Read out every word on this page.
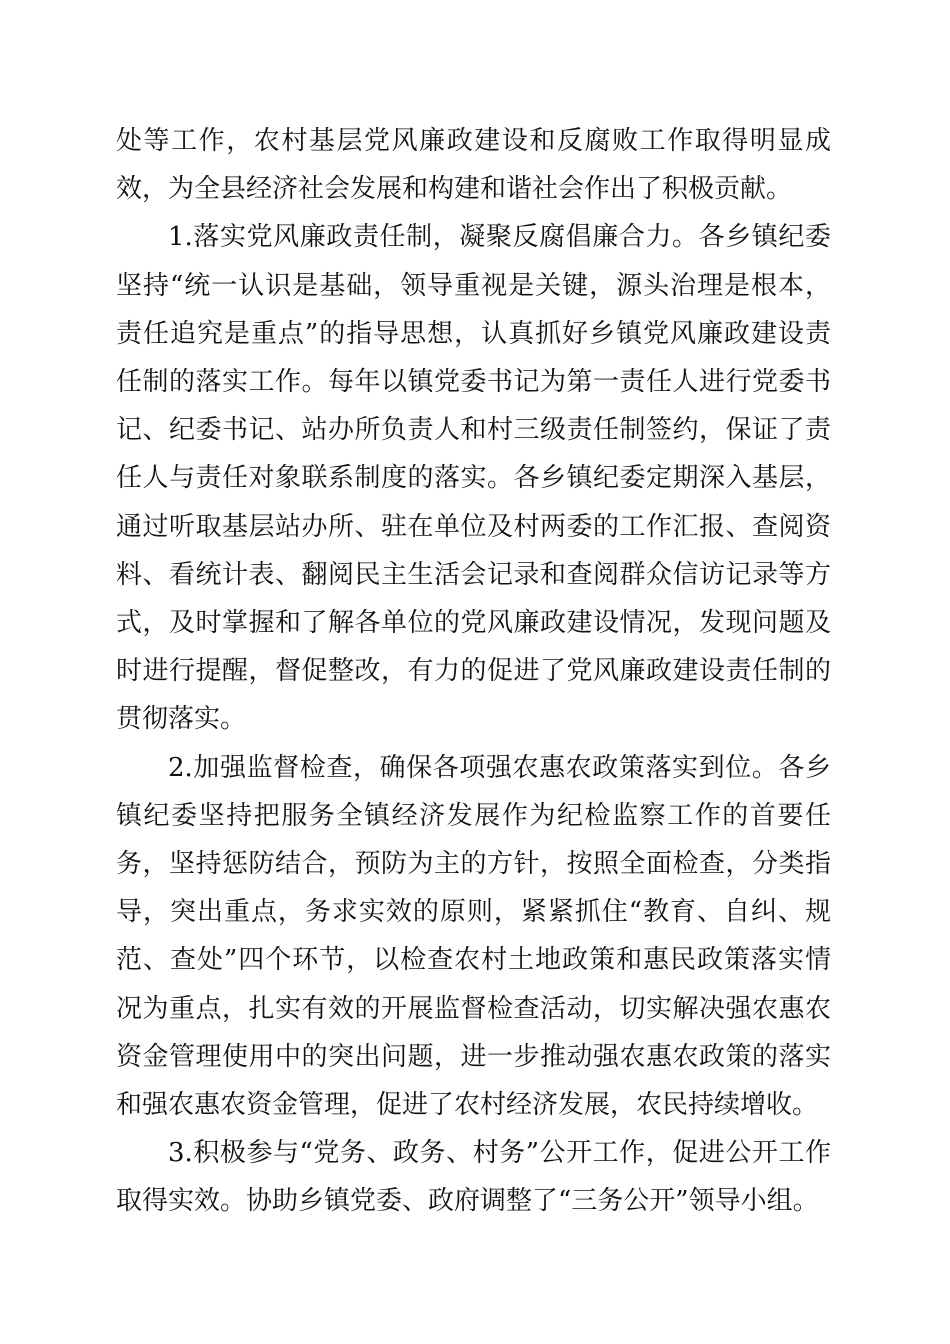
处等工作，农村基层党风廉政建设和反腐败工作取得明显成效，为全县经济社会发展和构建和谐社会作出了积极贡献。

1.落实党风廉政责任制，凝聚反腐倡廉合力。各乡镇纪委坚持“统一认识是基础，领导重视是关键，源头治理是根本，责任追究是重点”的指导思想，认真抓好乡镇党风廉政建设责任制的落实工作。每年以镇党委书记为第一责任人进行党委书记、纪委书记、站办所负责人和村三级责任制签约，保证了责任人与责任对象联系制度的落实。各乡镇纪委定期深入基层，通过听取基层站办所、驻在单位及村两委的工作汇报、查阅资料、看统计表、翻阅民主生活会记录和查阅群众信访记录等方式，及时掌握和了解各单位的党风廉政建设情况，发现问题及时进行提醒，督促整改，有力的促进了党风廉政建设责任制的贯彻落实。

2.加强监督检查，确保各项强农惠农政策落实到位。各乡镇纪委坚持把服务全镇经济发展作为纪检监察工作的首要任务，坚持惩防结合，预防为主的方针，按照全面检查，分类指导，突出重点，务求实效的原则，紧紧抓住“教育、自纠、规范、查处”四个环节，以检查农村土地政策和惠民政策落实情况为重点，扎实有效的开展监督检查活动，切实解决强农惠农资金管理使用中的突出问题，进一步推动强农惠农政策的落实和强农惠农资金管理，促进了农村经济发展，农民持续增收。

3.积极参与“党务、政务、村务”公开工作，促进公开工作取得实效。协助乡镇党委、政府调整了“三务公开”领导小组。
